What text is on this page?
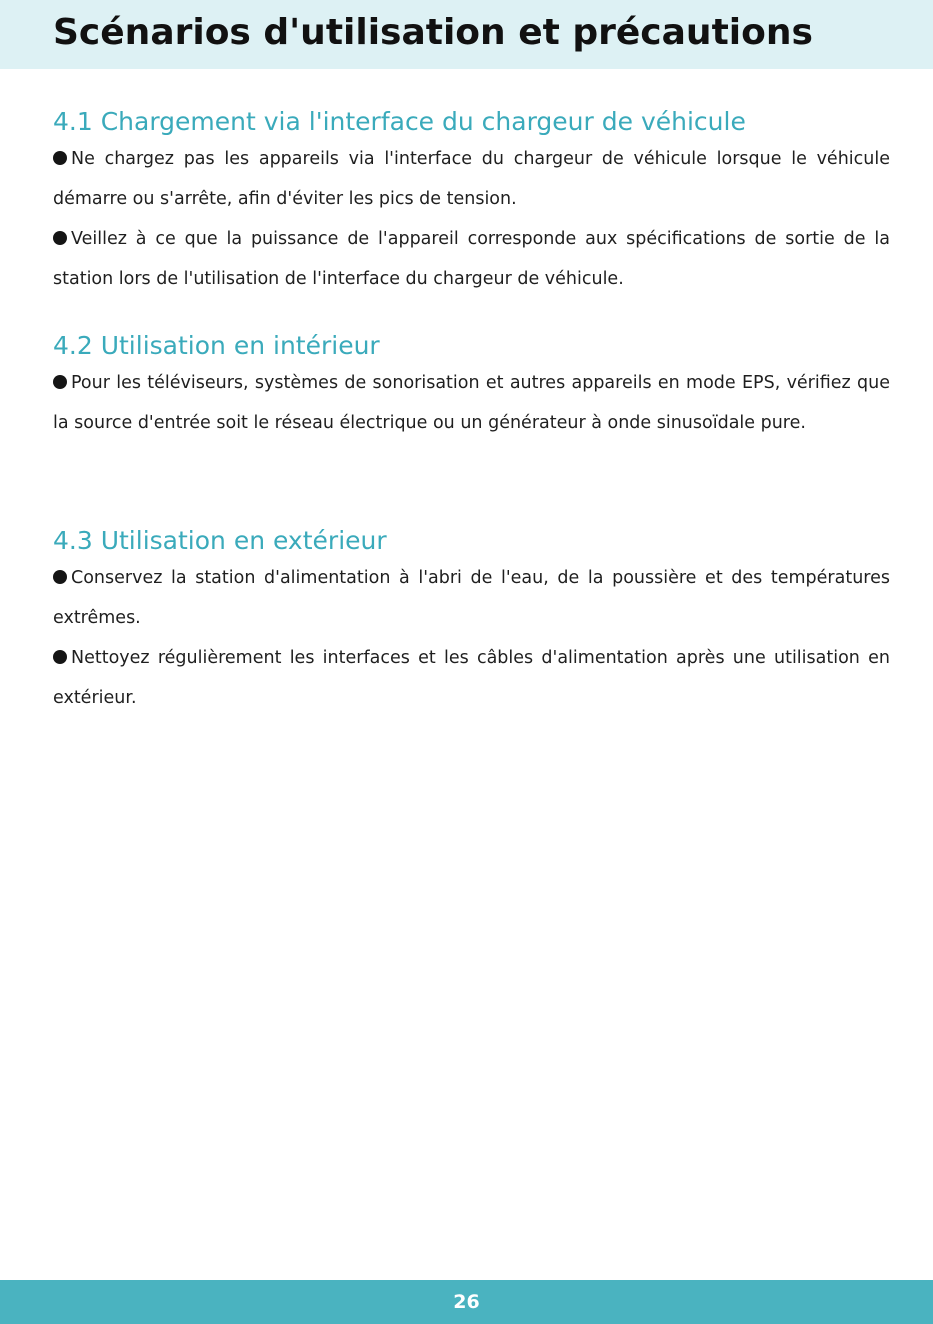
Scénarios d'utilisation et précautions
4.1 Chargement via l'interface du chargeur de véhicule

Ne chargez pas les appareils via l'interface du chargeur de véhicule lorsque le véhicule démarre ou s'arrête, afin d'éviter les pics de tension.

Veillez à ce que la puissance de l'appareil corresponde aux spécifications de sortie de la station lors de l'utilisation de l'interface du chargeur de véhicule.

4.2 Utilisation en intérieur

Pour les téléviseurs, systèmes de sonorisation et autres appareils en mode EPS, vérifiez que la source d'entrée soit le réseau électrique ou un générateur à onde sinusoïdale pure.

4.3 Utilisation en extérieur

Conservez la station d'alimentation à l'abri de l'eau, de la poussière et des températures extrêmes.

Nettoyez régulièrement les interfaces et les câbles d'alimentation après une utilisation en extérieur.

26
